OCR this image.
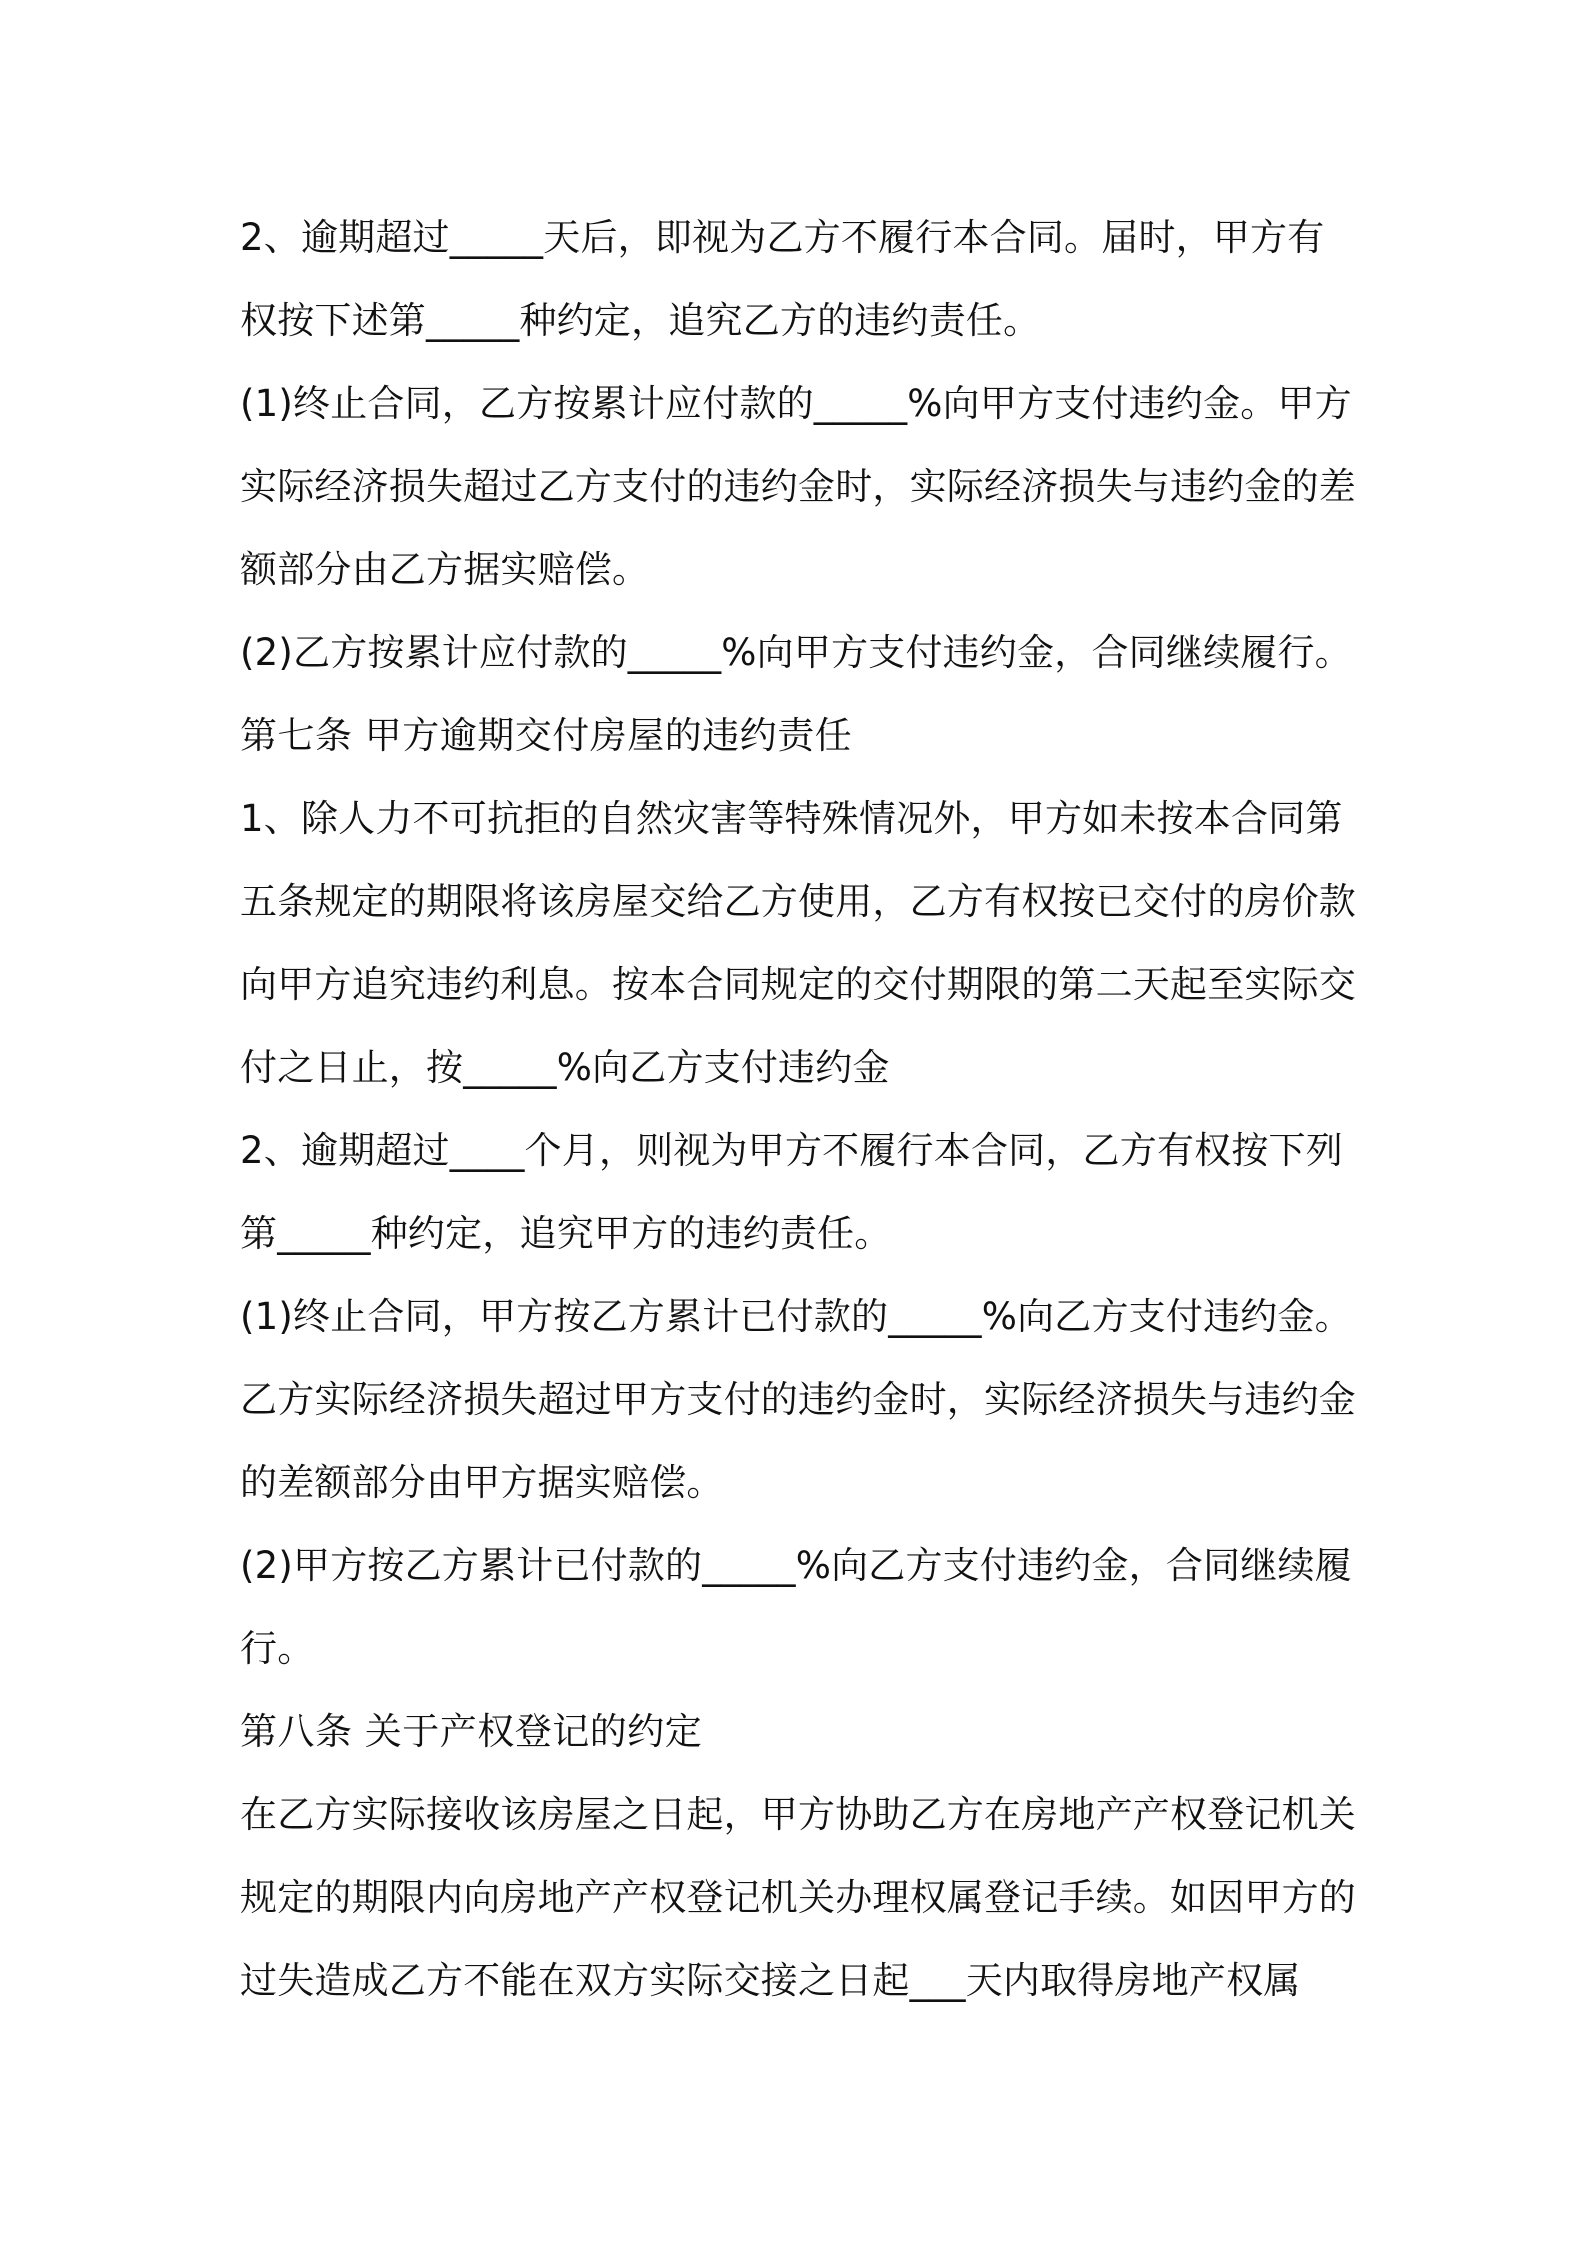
2、逾期超过_____天后，即视为乙方不履行本合同。届时，甲方有
权按下述第_____种约定，追究乙方的违约责任。
(1)终止合同，乙方按累计应付款的_____%向甲方支付违约金。甲方
实际经济损失超过乙方支付的违约金时，实际经济损失与违约金的差
额部分由乙方据实赔偿。
(2)乙方按累计应付款的_____%向甲方支付违约金，合同继续履行。
第七条 甲方逾期交付房屋的违约责任
1、除人力不可抗拒的自然灾害等特殊情况外，甲方如未按本合同第
五条规定的期限将该房屋交给乙方使用，乙方有权按已交付的房价款
向甲方追究违约利息。按本合同规定的交付期限的第二天起至实际交
付之日止，按_____%向乙方支付违约金
2、逾期超过____个月，则视为甲方不履行本合同，乙方有权按下列
第_____种约定，追究甲方的违约责任。
(1)终止合同，甲方按乙方累计已付款的_____%向乙方支付违约金。
乙方实际经济损失超过甲方支付的违约金时，实际经济损失与违约金
的差额部分由甲方据实赔偿。
(2)甲方按乙方累计已付款的_____%向乙方支付违约金，合同继续履
行。
第八条 关于产权登记的约定
在乙方实际接收该房屋之日起，甲方协助乙方在房地产产权登记机关
规定的期限内向房地产产权登记机关办理权属登记手续。如因甲方的
过失造成乙方不能在双方实际交接之日起___天内取得房地产权属
